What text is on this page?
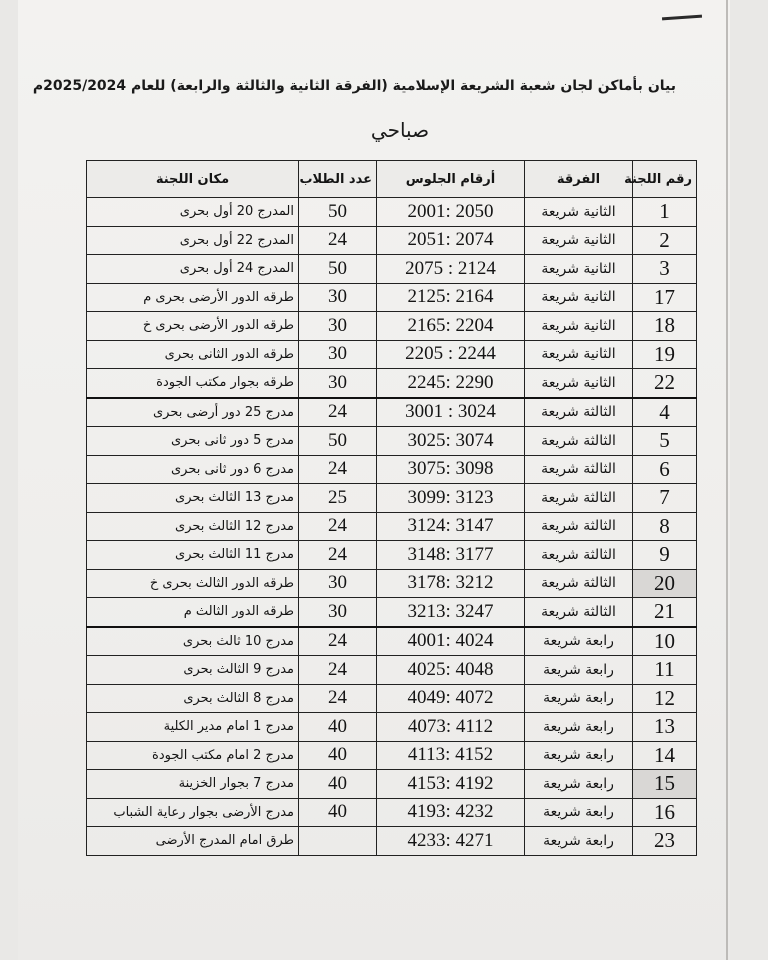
بيان بأماكن لجان شعبة الشريعة الإسلامية (الفرقة الثانية والثالثة والرابعة) للعام 2025/2024م
صباحي
رقم اللجنة	الفرقة	أرقام الجلوس	عدد الطلاب	مكان اللجنة
1	الثانية شريعة	2001: 2050	50	المدرج 20 أول بحرى
2	الثانية شريعة	2051: 2074	24	المدرج 22 أول بحرى
3	الثانية شريعة	2075 : 2124	50	المدرج 24 أول بحرى
17	الثانية شريعة	2125: 2164	30	طرقه الدور الأرضى بحرى م
18	الثانية شريعة	2165: 2204	30	طرقه الدور الأرضى بحرى خ
19	الثانية شريعة	2205 : 2244	30	طرقه الدور الثانى بحرى
22	الثانية شريعة	2245: 2290	30	طرقه بجوار مكتب الجودة
4	الثالثة شريعة	3001 : 3024	24	مدرج 25 دور أرضى بحرى
5	الثالثة شريعة	3025: 3074	50	مدرج 5 دور ثانى بحرى
6	الثالثة شريعة	3075: 3098	24	مدرج 6 دور ثانى بحرى
7	الثالثة شريعة	3099: 3123	25	مدرج 13 الثالث بحرى
8	الثالثة شريعة	3124: 3147	24	مدرج 12 الثالث بحرى
9	الثالثة شريعة	3148: 3177	24	مدرج 11 الثالث بحرى
20	الثالثة شريعة	3178: 3212	30	طرقه الدور الثالث بحرى خ
21	الثالثة شريعة	3213: 3247	30	طرقه الدور الثالث م
10	رابعة شريعة	4001: 4024	24	مدرج 10 ثالث بحرى
11	رابعة شريعة	4025: 4048	24	مدرج 9 الثالث بحرى
12	رابعة شريعة	4049: 4072	24	مدرج 8 الثالث بحرى
13	رابعة شريعة	4073: 4112	40	مدرج 1 امام مدير الكلية
14	رابعة شريعة	4113: 4152	40	مدرج 2 امام مكتب الجودة
15	رابعة شريعة	4153: 4192	40	مدرج 7 بجوار الخزينة
16	رابعة شريعة	4193: 4232	40	مدرج الأرضى بجوار رعاية الشباب
23	رابعة شريعة	4233: 4271		طرق امام المدرج الأرضى
